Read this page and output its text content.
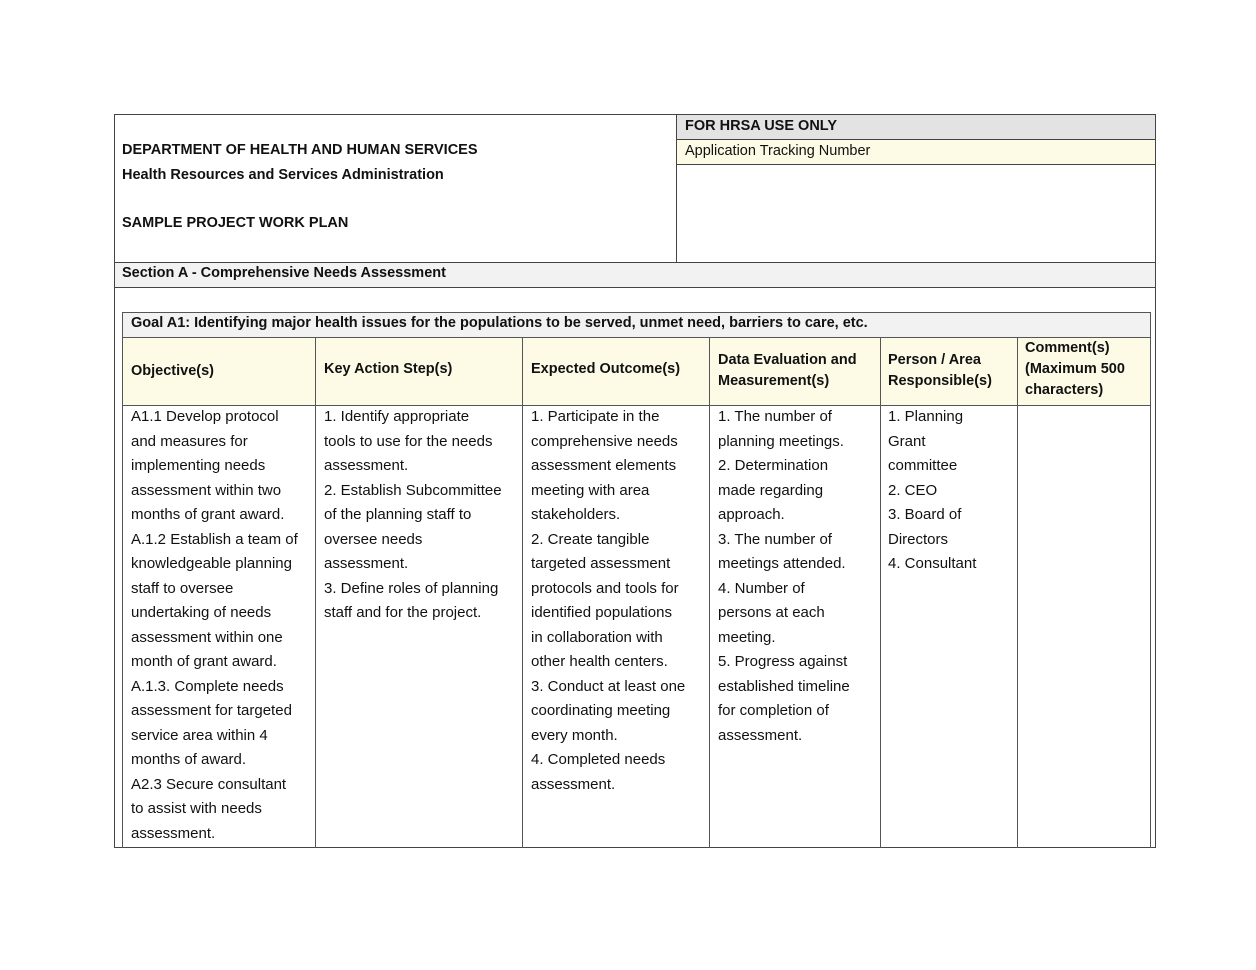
FOR HRSA USE ONLY
Application Tracking Number
DEPARTMENT OF HEALTH AND HUMAN SERVICES
Health Resources and Services Administration
SAMPLE PROJECT WORK PLAN
Section A - Comprehensive Needs Assessment
Goal A1: Identifying major health issues for the populations to be served, unmet need, barriers to care, etc.
Objective(s)	Key Action Step(s)	Expected Outcome(s)
Data Evaluation and
Measurement(s)
Person / Area
Responsible(s)
Comment(s)
(Maximum 500
characters)
A1.1 Develop protocol
and measures for
implementing needs
assessment within two
months of grant award.
A.1.2 Establish a team of
knowledgeable planning
staff to oversee
undertaking of needs
assessment within one
month of grant award.
A.1.3. Complete needs
assessment for targeted
service area within 4
months of award.
A2.3 Secure consultant
to assist with needs
assessment.
1. Identify appropriate
tools to use for the needs
assessment.
2. Establish Subcommittee
of the planning staff to
oversee needs
assessment.
3. Define roles of planning
staff and for the project.
1. Participate in the
comprehensive needs
assessment elements
meeting with area
stakeholders.
2. Create tangible
targeted assessment
protocols and tools for
identified populations
in collaboration with
other health centers.
3. Conduct at least one
coordinating meeting
every month.
4. Completed needs
assessment.
1. The number of
planning meetings.
2. Determination
made regarding
approach.
3. The number of
meetings attended.
4. Number of
persons at each
meeting.
5. Progress against
established timeline
for completion of
assessment.
1. Planning
Grant
committee
2. CEO
3. Board of
Directors
4. Consultant
